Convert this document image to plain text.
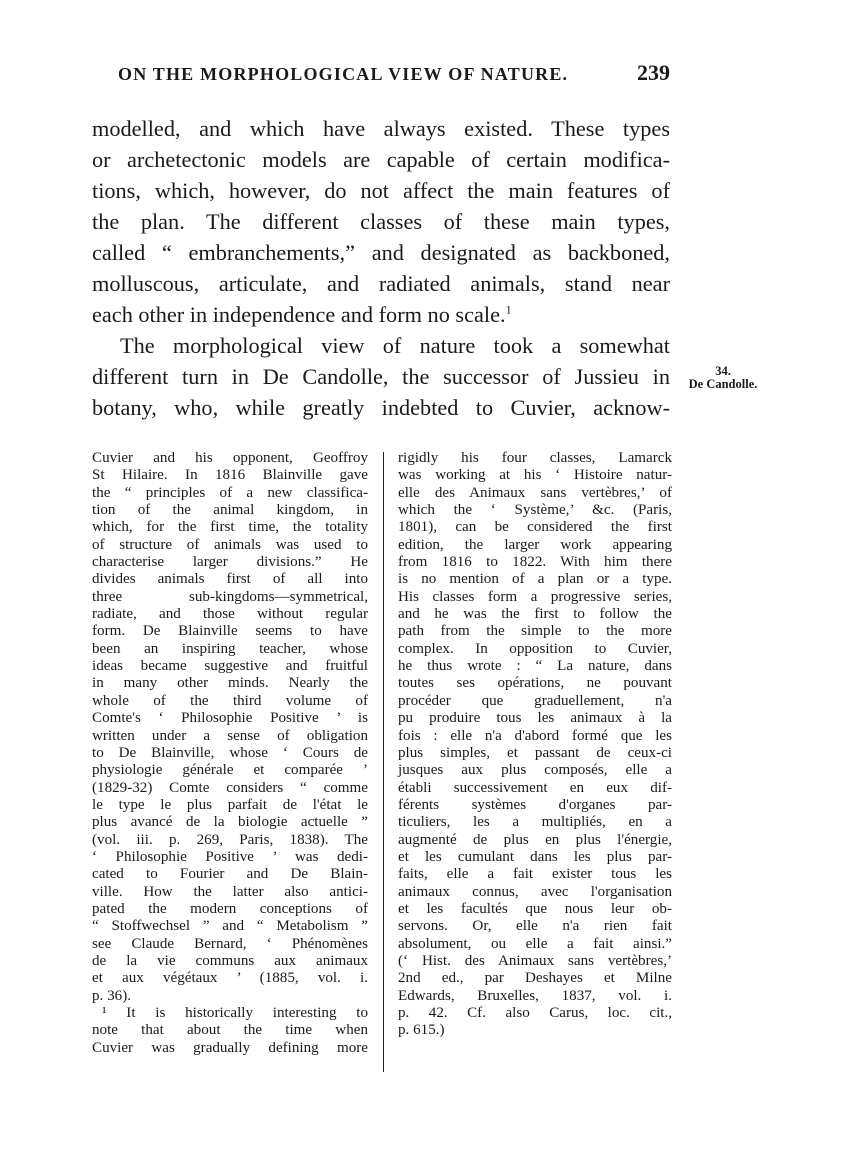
ON THE MORPHOLOGICAL VIEW OF NATURE.	239
modelled, and which have always existed. These types
or archetectonic models are capable of certain modifica-
tions, which, however, do not affect the main features of
the plan. The different classes of these main types,
called “ embranchements,” and designated as backboned,
molluscous, articulate, and radiated animals, stand near
each other in independence and form no scale.$^1$
The morphological view of nature took a somewhat
different turn in De Candolle, the successor of Jussieu in
botany, who, while greatly indebted to Cuvier, acknow-
34.
De Candolle.
Cuvier and his opponent, Geoffroy
St Hilaire. In 1816 Blainville gave
the “ principles of a new classifica-
tion of the animal kingdom, in
which, for the first time, the totality
of structure of animals was used to
characterise larger divisions.” He
divides animals first of all into
three sub-kingdoms—symmetrical,
radiate, and those without regular
form. De Blainville seems to have
been an inspiring teacher, whose
ideas became suggestive and fruitful
in many other minds. Nearly the
whole of the third volume of
Comte's ‘ Philosophie Positive ’ is
written under a sense of obligation
to De Blainville, whose ‘ Cours de
physiologie générale et comparée ’
(1829-32) Comte considers “ comme
le type le plus parfait de l'état le
plus avancé de la biologie actuelle ”
(vol. iii. p. 269, Paris, 1838). The
‘ Philosophie Positive ’ was dedi-
cated to Fourier and De Blain-
ville. How the latter also antici-
pated the modern conceptions of
“ Stoffwechsel ” and “ Metabolism ”
see Claude Bernard, ‘ Phénomènes
de la vie communs aux animaux
et aux végétaux ’ (1885, vol. i.
p. 36).
¹ It is historically interesting to
note that about the time when
Cuvier was gradually defining more
rigidly his four classes, Lamarck
was working at his ‘ Histoire natur-
elle des Animaux sans vertèbres,’ of
which the ‘ Système,’ &c. (Paris,
1801), can be considered the first
edition, the larger work appearing
from 1816 to 1822. With him there
is no mention of a plan or a type.
His classes form a progressive series,
and he was the first to follow the
path from the simple to the more
complex. In opposition to Cuvier,
he thus wrote : “ La nature, dans
toutes ses opérations, ne pouvant
procéder que graduellement, n'a
pu produire tous les animaux à la
fois : elle n'a d'abord formé que les
plus simples, et passant de ceux-ci
jusques aux plus composés, elle a
établi successivement en eux dif-
férents systèmes d'organes par-
ticuliers, les a multipliés, en a
augmenté de plus en plus l'énergie,
et les cumulant dans les plus par-
faits, elle a fait exister tous les
animaux connus, avec l'organisation
et les facultés que nous leur ob-
servons. Or, elle n'a rien fait
absolument, ou elle a fait ainsi.”
(‘ Hist. des Animaux sans vertèbres,’
2nd ed., par Deshayes et Milne
Edwards, Bruxelles, 1837, vol. i.
p. 42. Cf. also Carus, loc. cit.,
p. 615.)
